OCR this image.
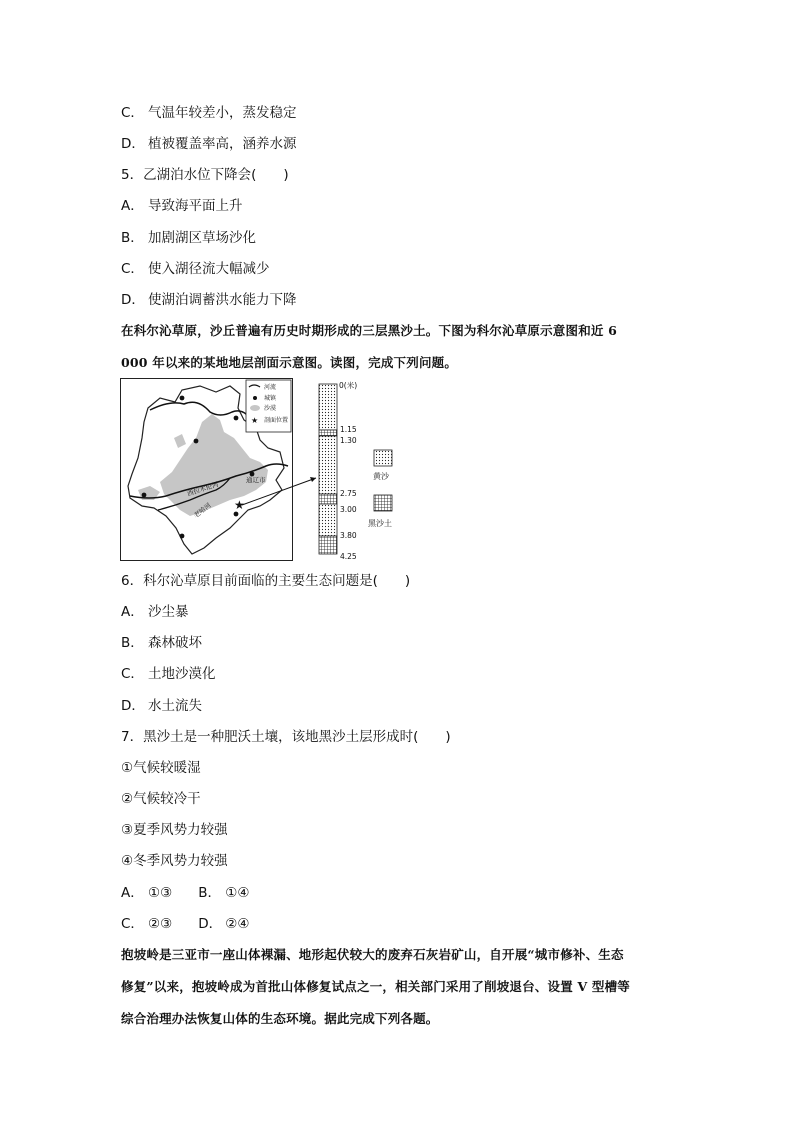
C． 气温年较差小，蒸发稳定
D． 植被覆盖率高，涵养水源
5．乙湖泊水位下降会(　　)
A． 导致海平面上升
B． 加剧湖区草场沙化
C． 使入湖径流大幅减少
D． 使湖泊调蓄洪水能力下降
在科尔沁草原，沙丘普遍有历史时期形成的三层黑沙土。下图为科尔沁草原示意图和近 6
000 年以来的某地地层剖面示意图。读图，完成下列问题。
★
西拉木伦河
老哈河
通辽市
河流
城镇
沙漠
★ 剖面位置
0(米)
1.15
1.30
2.75
3.00
3.80
4.25
黄沙
黑沙土
6．科尔沁草原目前面临的主要生态问题是(　　)
A． 沙尘暴
B． 森林破坏
C． 土地沙漠化
D． 水土流失
7．黑沙土是一种肥沃土壤，该地黑沙土层形成时(　　)
①气候较暖湿
②气候较冷干
③夏季风势力较强
④冬季风势力较强
A． ①③ B． ①④
C． ②③ D． ②④
抱坡岭是三亚市一座山体裸漏、地形起伏较大的废弃石灰岩矿山，自开展“城市修补、生态
修复”以来，抱坡岭成为首批山体修复试点之一，相关部门采用了削坡退台、设置 V 型槽等
综合治理办法恢复山体的生态环境。据此完成下列各题。
